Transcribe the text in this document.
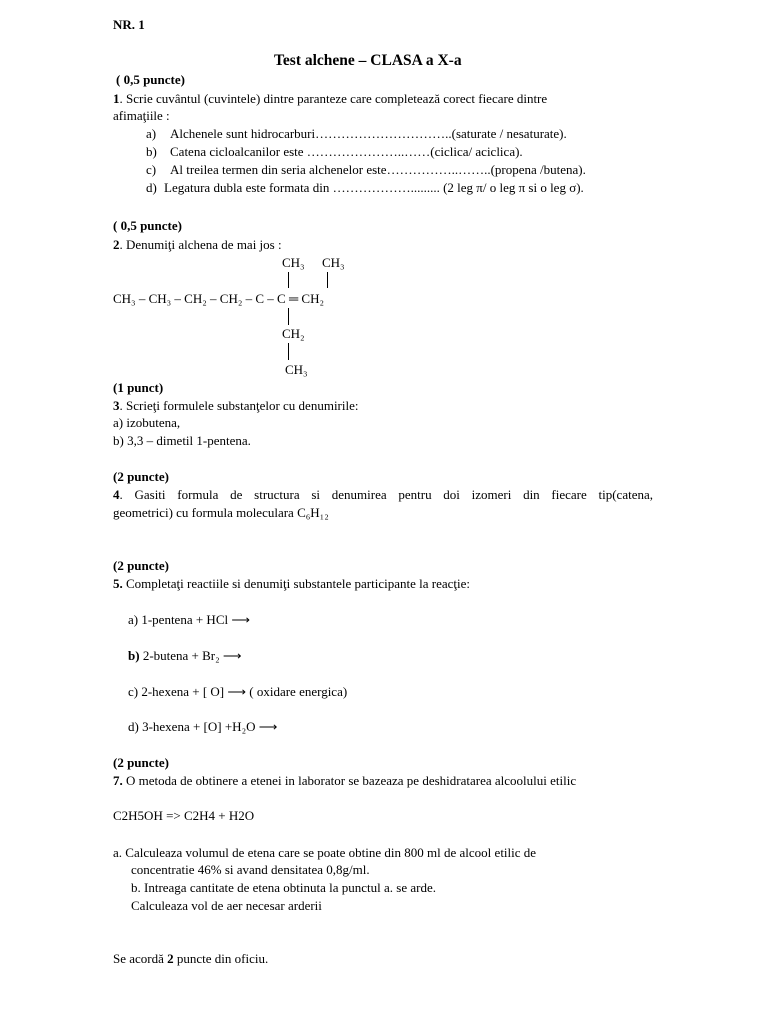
NR. 1
Test alchene – CLASA a X-a
( 0,5 puncte)
1. Scrie cuvântul (cuvintele) dintre paranteze care completează corect fiecare dintre
afimaţiile :
a) Alchenele sunt hidrocarburi…………………………..(saturate / nesaturate).
b) Catena cicloalcanilor este …………………..……(ciclica/ aciclica).
c) Al treilea termen din seria alchenelor este……………..……..(propena /butena).
d) Legatura dubla este formata din ………………......... (2 leg π/ o leg π si o leg σ).
( 0,5 puncte)
2. Denumiţi alchena de mai jos :
CH₃ CH₃
CH₃ – CH₃ – CH₂ – CH₂ – C – C ═ CH₂
CH₂
CH₃
(1 punct)
3. Scrieţi formulele substanţelor cu denumirile:
a) izobutena,
b) 3,3 – dimetil 1-pentena.
(2 puncte)
4. Gasiti formula de structura si denumirea pentru doi izomeri din fiecare tip(catena,
geometrici) cu formula moleculara C₆H₁₂
(2 puncte)
5. Completaţi reactiile si denumiţi substantele participante la reacţie:
a) 1-pentena + HCl ⟶
b) 2-butena + Br₂ ⟶
c) 2-hexena + [ O] ⟶ ( oxidare energica)
d) 3-hexena + [O] +H₂O ⟶
(2 puncte)
7. O metoda de obtinere a etenei in laborator se bazeaza pe deshidratarea alcoolului etilic
C2H5OH => C2H4 + H2O
a. Calculeaza volumul de etena care se poate obtine din 800 ml de alcool etilic de
concentratie 46% si avand densitatea 0,8g/ml.
b. Intreaga cantitate de etena obtinuta la punctul a. se arde.
Calculeaza vol de aer necesar arderii
Se acordă 2 puncte din oficiu.
